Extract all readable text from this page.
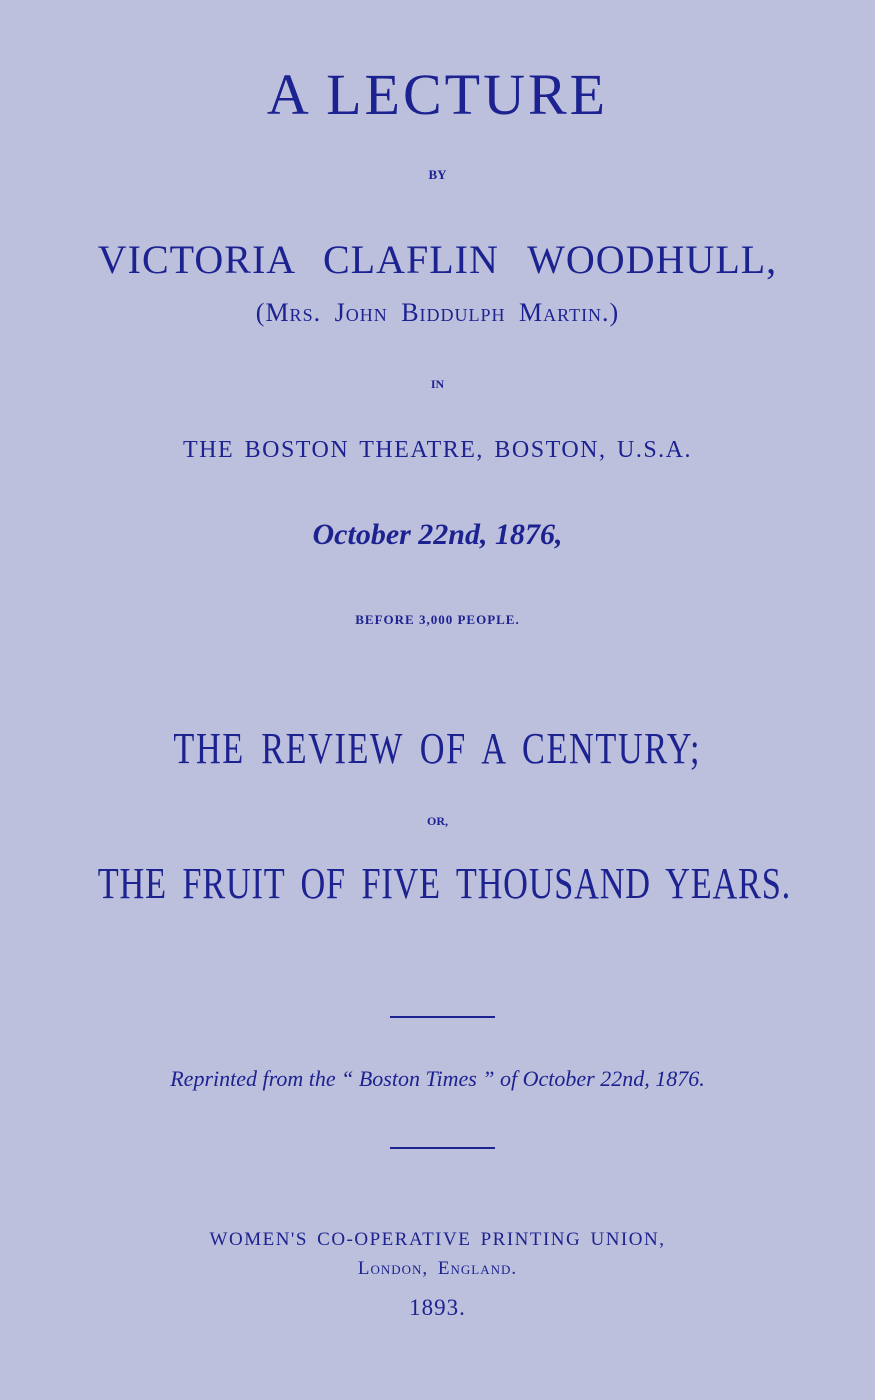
A LECTURE
BY
VICTORIA CLAFLIN WOODHULL,
(Mrs. John Biddulph Martin.)
IN
THE BOSTON THEATRE, BOSTON, U.S.A.
October 22nd, 1876,
BEFORE 3,000 PEOPLE.
THE REVIEW OF A CENTURY;
OR,
THE FRUIT OF FIVE THOUSAND YEARS.
Reprinted from the “ Boston Times ” of October 22nd, 1876.
WOMEN'S CO-OPERATIVE PRINTING UNION,
London, England.
1893.
